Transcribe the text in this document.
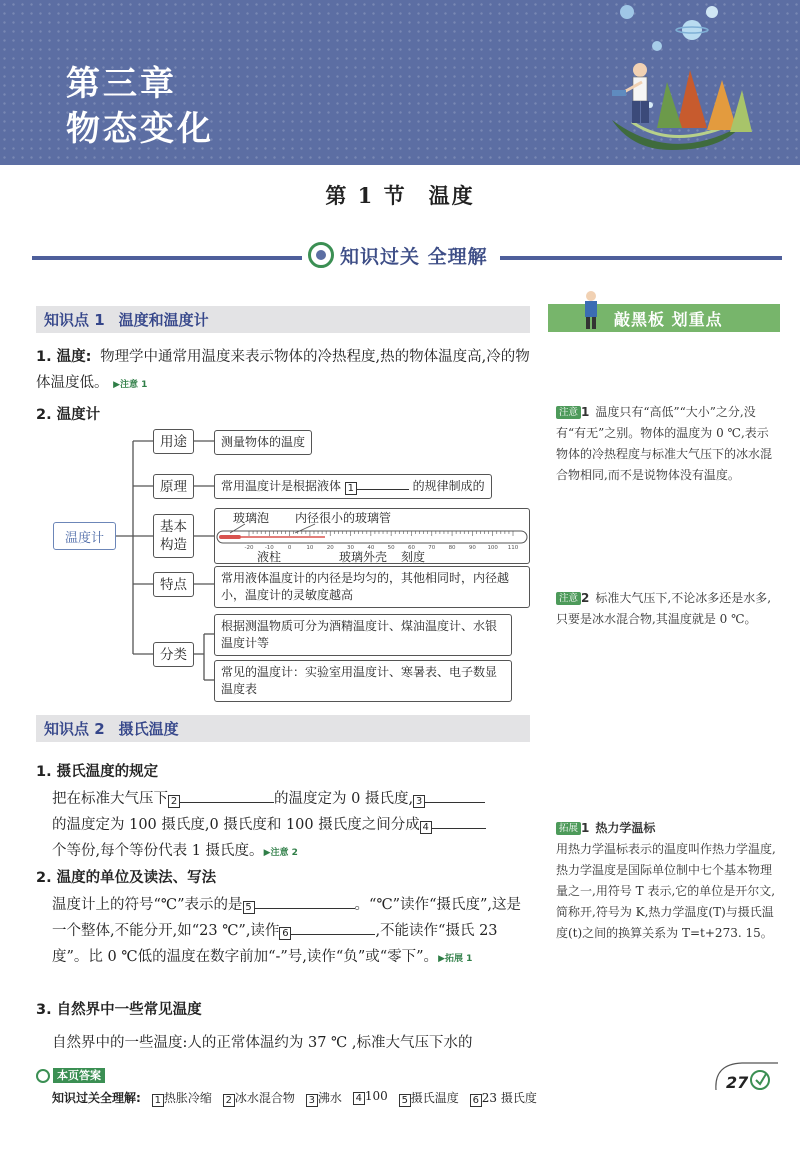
第三章
物态变化
第 1 节 温度
知识过关 全理解
知识点 1 温度和温度计
1. 温度: 物理学中通常用温度来表示物体的冷热程度,热的物体温度高,冷的物体温度低。 ▶注意 1
2. 温度计
温度计
用途	测量物体的温度
原理	常用温度计是根据液体 1	的规律制成的
基本构造
玻璃泡 内径很小的玻璃管
-20 -10	0	10 20 30 40 50 60 70 80 90 100 110
液柱	玻璃外壳 刻度
特点	常用液体温度计的内径是均匀的，其他相同时，内径越小，温度计的灵敏度越高
分类
根据测温物质可分为酒精温度计、煤油温度计、水银温度计等
常见的温度计：实验室用温度计、寒暑表、电子数显温度表
知识点 2 摄氏温度
1. 摄氏温度的规定
把在标准大气压下 2	的温度定为 0 摄氏度, 3
的温度定为 100 摄氏度,0 摄氏度和 100 摄氏度之间分成 4
个等份,每个等份代表 1 摄氏度。▶注意 2
2. 温度的单位及读法、写法
温度计上的符号“℃”表示的是 5	。“℃”读作“摄氏度”,这是一个整体,不能分开,如“23 ℃”,读作 6	,不能读作“摄氏 23 度”。比 0 ℃低的温度在数字前加“-”号,读作“负”或“零下”。▶拓展 1
3. 自然界中一些常见温度
自然界中的一些温度:人的正常体温约为 37 ℃ ,标准大气压下水的
敲黑板 划重点
注意 1 温度只有“高低”“大小”之分,没有“有无”之别。物体的温度为 0 ℃,表示物体的冷热程度与标准大气压下的冰水混合物相同,而不是说物体没有温度。
注意 2 标准大气压下,不论冰多还是水多,只要是冰水混合物,其温度就是 0 ℃。
拓展 1 热力学温标
用热力学温标表示的温度叫作热力学温度,热力学温度是国际单位制中七个基本物理量之一,用符号 T 表示,它的单位是开尔文,简称开,符号为 K,热力学温度(T)与摄氏温度(t)之间的换算关系为 T=t+273. 15。
本页答案
知识过关全理解: 1 热胀冷缩 2 冰水混合物 3 沸水 4 100 5 摄氏温度 6 23 摄氏度
27
